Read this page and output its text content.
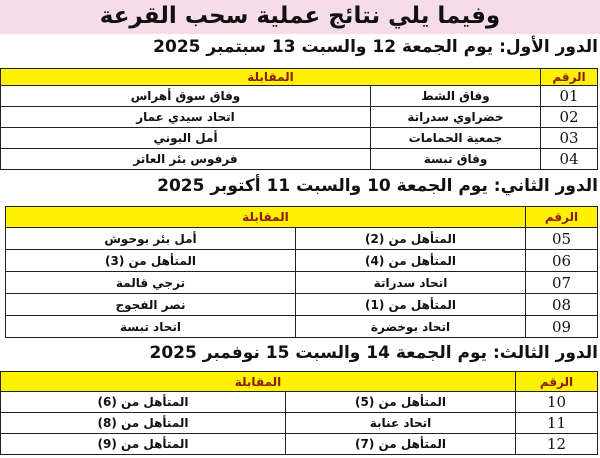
وفيما يلي نتائج عملية سحب القرعة
الدور الأول: يوم الجمعة 12 والسبت 13 سبتمبر 2025
الرقم	المقابلة	
01	وفاق الشط	وفاق سوق أهراس
02	خضراوي سدراتة	اتحاد سيدي عمار
03	جمعية الحمامات	أمل البوني
04	وفاق تبسة	فرفوس بئر العاتر
الدور الثاني: يوم الجمعة 10 والسبت 11 أكتوبر 2025
الرقم	المقابلة	
05	المتأهل من (2)	أمل بئر بوحوش
06	المتأهل من (4)	المتأهل من (3)
07	اتحاد سدراتة	ترجي قالمة
08	المتأهل من (1)	نصر الفجوج
09	اتحاد بوخضرة	اتحاد تبسة
الدور الثالث: يوم الجمعة 14 والسبت 15 نوفمبر 2025
الرقم	المقابلة	
10	المتأهل من (5)	المتأهل من (6)
11	اتحاد عنابة	المتأهل من (8)
12	المتأهل من (7)	المتأهل من (9)
